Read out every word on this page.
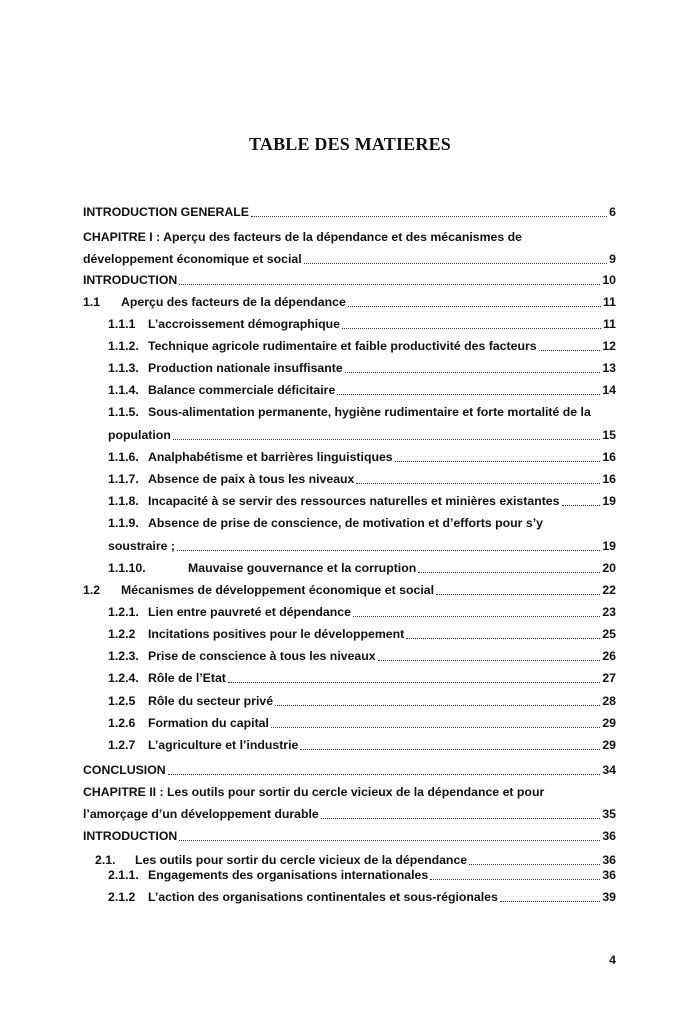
TABLE DES MATIERES
INTRODUCTION GENERALE	6
CHAPITRE I : Aperçu des facteurs de la dépendance et des mécanismes de
développement économique et social	9
INTRODUCTION	10
1.1	Aperçu des facteurs de la dépendance	11
1.1.1	L’accroissement démographique	11
1.1.2. Technique agricole rudimentaire et faible productivité des facteurs	12
1.1.3. Production nationale insuffisante	13
1.1.4. Balance commerciale déficitaire	14
1.1.5. Sous-alimentation permanente, hygiène rudimentaire et forte mortalité de la
population	15
1.1.6. Analphabétisme et barrières linguistiques	16
1.1.7. Absence de paix à tous les niveaux	16
1.1.8. Incapacité à se servir des ressources naturelles et minières existantes	19
1.1.9. Absence de prise de conscience, de motivation et d’efforts pour s’y
soustraire ;	19
1.1.10.	Mauvaise gouvernance et la corruption	20
1.2	Mécanismes de développement économique et social	22
1.2.1. Lien entre pauvreté et dépendance	23
1.2.2	Incitations positives pour le développement	25
1.2.3. Prise de conscience à tous les niveaux	26
1.2.4. Rôle de l’Etat	27
1.2.5	Rôle du secteur privé	28
1.2.6	Formation du capital	29
1.2.7	L’agriculture et l’industrie	29
CONCLUSION	34
CHAPITRE II : Les outils pour sortir du cercle vicieux de la dépendance et pour
l’amorçage d’un développement durable	35
INTRODUCTION	36
2.1.	Les outils pour sortir du cercle vicieux de la dépendance	36
2.1.1. Engagements des organisations internationales	36
2.1.2	L’action des organisations continentales et sous-régionales	39
4
